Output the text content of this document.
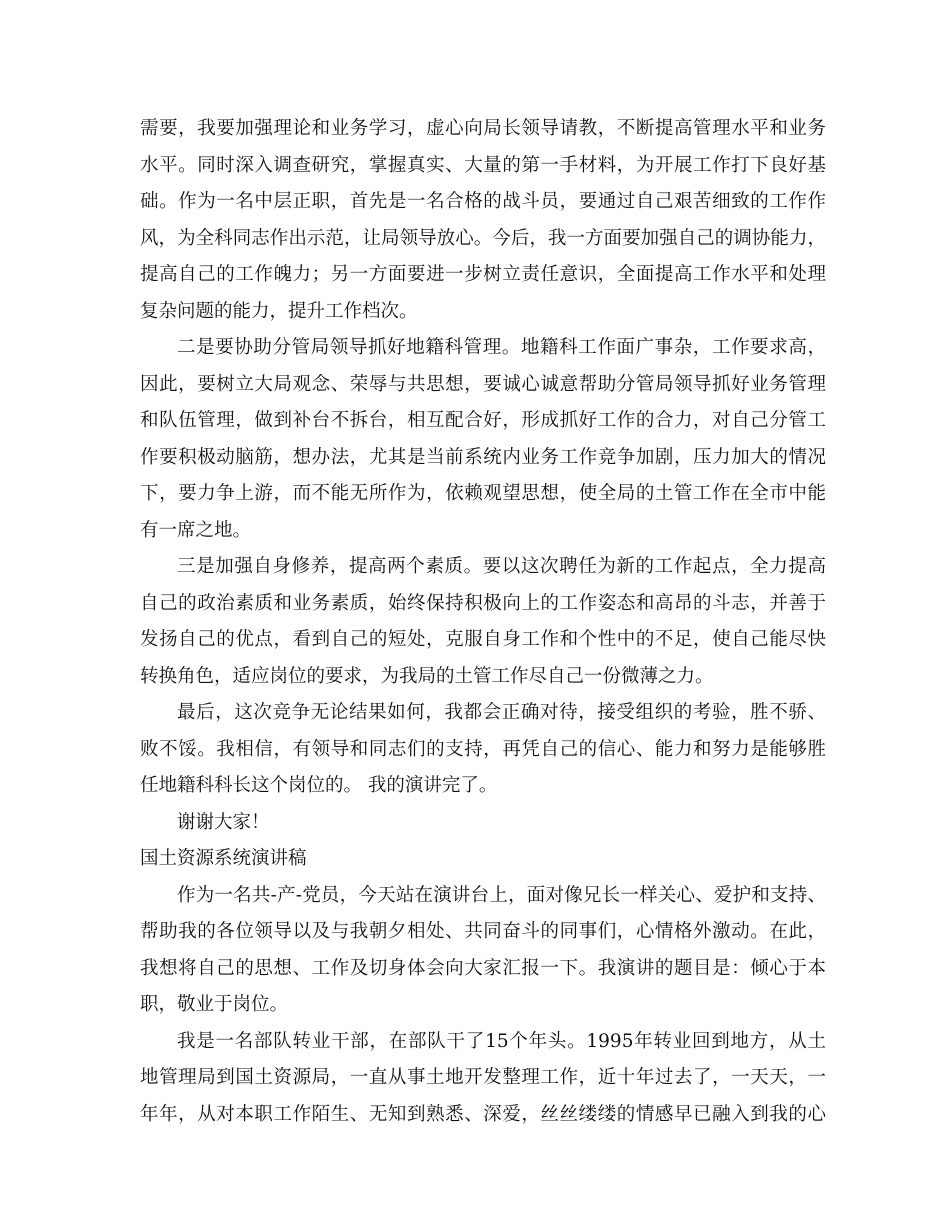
需要，我要加强理论和业务学习，虚心向局长领导请教，不断提高管理水平和业务
水平。同时深入调查研究，掌握真实、大量的第一手材料，为开展工作打下良好基
础。作为一名中层正职，首先是一名合格的战斗员，要通过自己艰苦细致的工作作
风，为全科同志作出示范，让局领导放心。今后，我一方面要加强自己的调协能力，
提高自己的工作魄力；另一方面要进一步树立责任意识，全面提高工作水平和处理
复杂问题的能力，提升工作档次。
二是要协助分管局领导抓好地籍科管理。地籍科工作面广事杂，工作要求高，
因此，要树立大局观念、荣辱与共思想，要诚心诚意帮助分管局领导抓好业务管理
和队伍管理，做到补台不拆台，相互配合好，形成抓好工作的合力，对自己分管工
作要积极动脑筋，想办法，尤其是当前系统内业务工作竞争加剧，压力加大的情况
下，要力争上游，而不能无所作为，依赖观望思想，使全局的土管工作在全市中能
有一席之地。
三是加强自身修养，提高两个素质。要以这次聘任为新的工作起点，全力提高
自己的政治素质和业务素质，始终保持积极向上的工作姿态和高昂的斗志，并善于
发扬自己的优点，看到自己的短处，克服自身工作和个性中的不足，使自己能尽快
转换角色，适应岗位的要求，为我局的土管工作尽自己一份微薄之力。
最后，这次竞争无论结果如何，我都会正确对待，接受组织的考验，胜不骄、
败不馁。我相信，有领导和同志们的支持，再凭自己的信心、能力和努力是能够胜
任地籍科科长这个岗位的。 我的演讲完了。
谢谢大家！
国土资源系统演讲稿
作为一名共-产-党员，今天站在演讲台上，面对像兄长一样关心、爱护和支持、
帮助我的各位领导以及与我朝夕相处、共同奋斗的同事们，心情格外激动。在此，
我想将自己的思想、工作及切身体会向大家汇报一下。我演讲的题目是：倾心于本
职，敬业于岗位。
我是一名部队转业干部，在部队干了15个年头。1995年转业回到地方，从土
地管理局到国土资源局，一直从事土地开发整理工作，近十年过去了，一天天，一
年年，从对本职工作陌生、无知到熟悉、深爱，丝丝缕缕的情感早已融入到我的心
